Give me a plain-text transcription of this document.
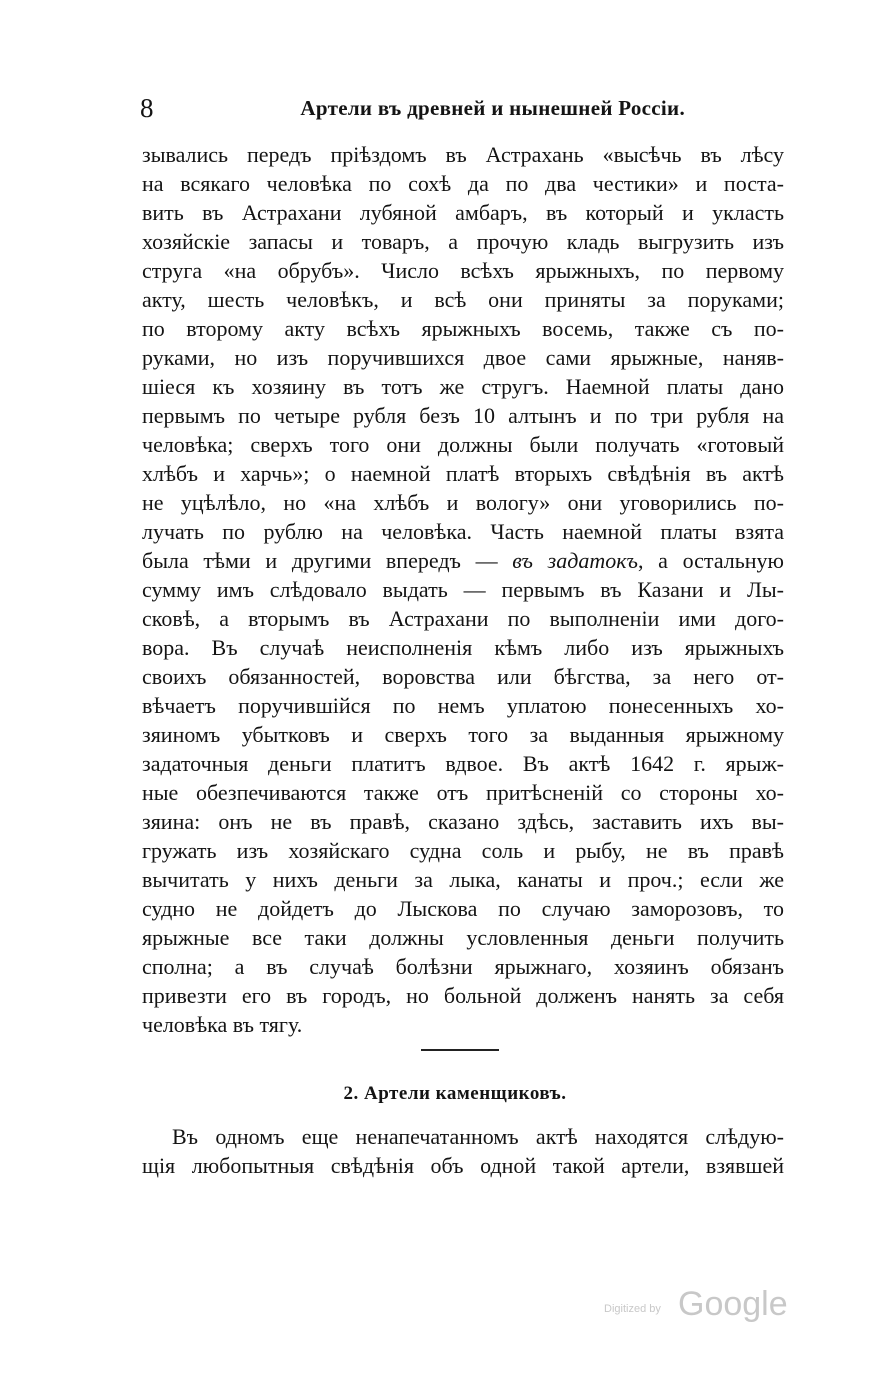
8	Артели въ древней и нынешней Россiи.
зывались передъ прiѣздомъ въ Астрахань «высѣчь въ лѣсу
на всякаго человѣка по сохѣ да по два честики» и поста-
вить въ Астрахани лубяной амбаръ, въ который и укласть
хозяйскiе запасы и товаръ, а прочую кладь выгрузить изъ
струга «на обрубъ». Число всѣхъ ярыжныхъ, по первому
акту, шесть человѣкъ, и всѣ они приняты за поруками;
по второму акту всѣхъ ярыжныхъ восемь, также съ по-
руками, но изъ поручившихся двое сами ярыжные, наняв-
шiеся къ хозяину въ тотъ же стругъ. Наемной платы дано
первымъ по четыре рубля безъ 10 алтынъ и по три рубля на
человѣка; сверхъ того они должны были получать «готовый
хлѣбъ и харчь»; о наемной платѣ вторыхъ свѣдѣнiя въ актѣ
не уцѣлѣло, но «на хлѣбъ и вологу» они уговорились по-
лучать по рублю на человѣка. Часть наемной платы взята
была тѣми и другими впередъ — въ задатокъ, а остальную
сумму имъ слѣдовало выдать — первымъ въ Казани и Лы-
сковѣ, а вторымъ въ Астрахани по выполненiи ими дого-
вора. Въ случаѣ неисполненiя кѣмъ либо изъ ярыжныхъ
своихъ обязанностей, воровства или бѣгства, за него от-
вѣчаетъ поручившiйся по немъ уплатою понесенныхъ хо-
зяиномъ убытковъ и сверхъ того за выданныя ярыжному
задаточныя деньги платитъ вдвое. Въ актѣ 1642 г. ярыж-
ные обезпечиваются также отъ притѣсненiй со стороны хо-
зяина: онъ не въ правѣ, сказано здѣсь, заставить ихъ вы-
гружать изъ хозяйскаго судна соль и рыбу, не въ правѣ
вычитать у нихъ деньги за лыка, канаты и проч.; если же
судно не дойдетъ до Лыскова по случаю заморозовъ, то
ярыжные все таки должны условленныя деньги получить
сполна; а въ случаѣ болѣзни ярыжнаго, хозяинъ обязанъ
привезти его въ городъ, но больной долженъ нанять за себя
человѣка въ тягу.
2. Артели каменщиковъ.
Въ одномъ еще ненапечатанномъ актѣ находятся слѣдую-
щiя любопытныя свѣдѣнiя объ одной такой артели, взявшей
Digitized by Google
